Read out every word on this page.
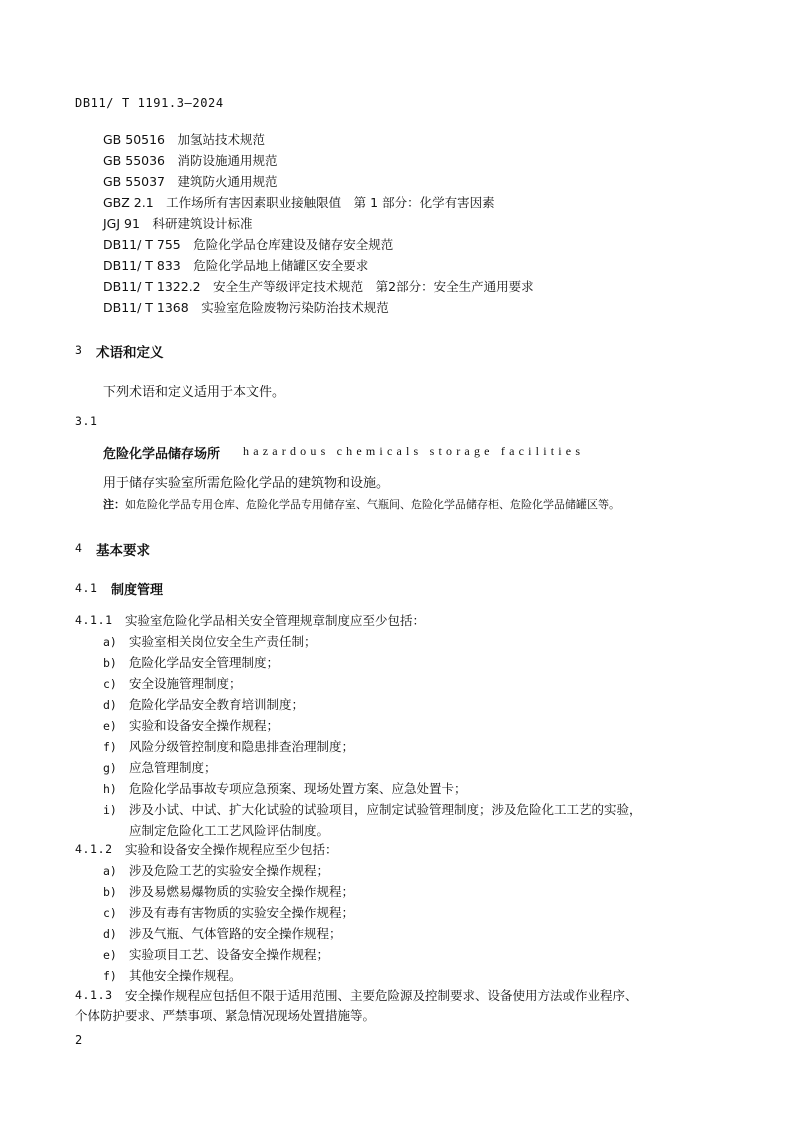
DB11/ T 1191.3—2024
GB 50516　加氢站技术规范
GB 55036　消防设施通用规范
GB 55037　建筑防火通用规范
GBZ 2.1　工作场所有害因素职业接触限值　第 1 部分：化学有害因素
JGJ 91　科研建筑设计标准
DB11/ T 755　危险化学品仓库建设及储存安全规范
DB11/ T 833　危险化学品地上储罐区安全要求
DB11/ T 1322.2　安全生产等级评定技术规范　第2部分：安全生产通用要求
DB11/ T 1368　实验室危险废物污染防治技术规范
3 术语和定义
下列术语和定义适用于本文件。
3.1
危险化学品储存场所 hazardous chemicals storage facilities
用于储存实验室所需危险化学品的建筑物和设施。
注：如危险化学品专用仓库、危险化学品专用储存室、气瓶间、危险化学品储存柜、危险化学品储罐区等。
4 基本要求
4.1 制度管理
4.1.1 实验室危险化学品相关安全管理规章制度应至少包括：
a) 实验室相关岗位安全生产责任制；
b) 危险化学品安全管理制度；
c) 安全设施管理制度；
d) 危险化学品安全教育培训制度；
e) 实验和设备安全操作规程；
f) 风险分级管控制度和隐患排查治理制度；
g) 应急管理制度；
h) 危险化学品事故专项应急预案、现场处置方案、应急处置卡；
i) 涉及小试、中试、扩大化试验的试验项目，应制定试验管理制度；涉及危险化工工艺的实验，
应制定危险化工工艺风险评估制度。
4.1.2 实验和设备安全操作规程应至少包括：
a) 涉及危险工艺的实验安全操作规程；
b) 涉及易燃易爆物质的实验安全操作规程；
c) 涉及有毒有害物质的实验安全操作规程；
d) 涉及气瓶、气体管路的安全操作规程；
e) 实验项目工艺、设备安全操作规程；
f) 其他安全操作规程。
4.1.3 安全操作规程应包括但不限于适用范围、主要危险源及控制要求、设备使用方法或作业程序、
个体防护要求、严禁事项、紧急情况现场处置措施等。
2
